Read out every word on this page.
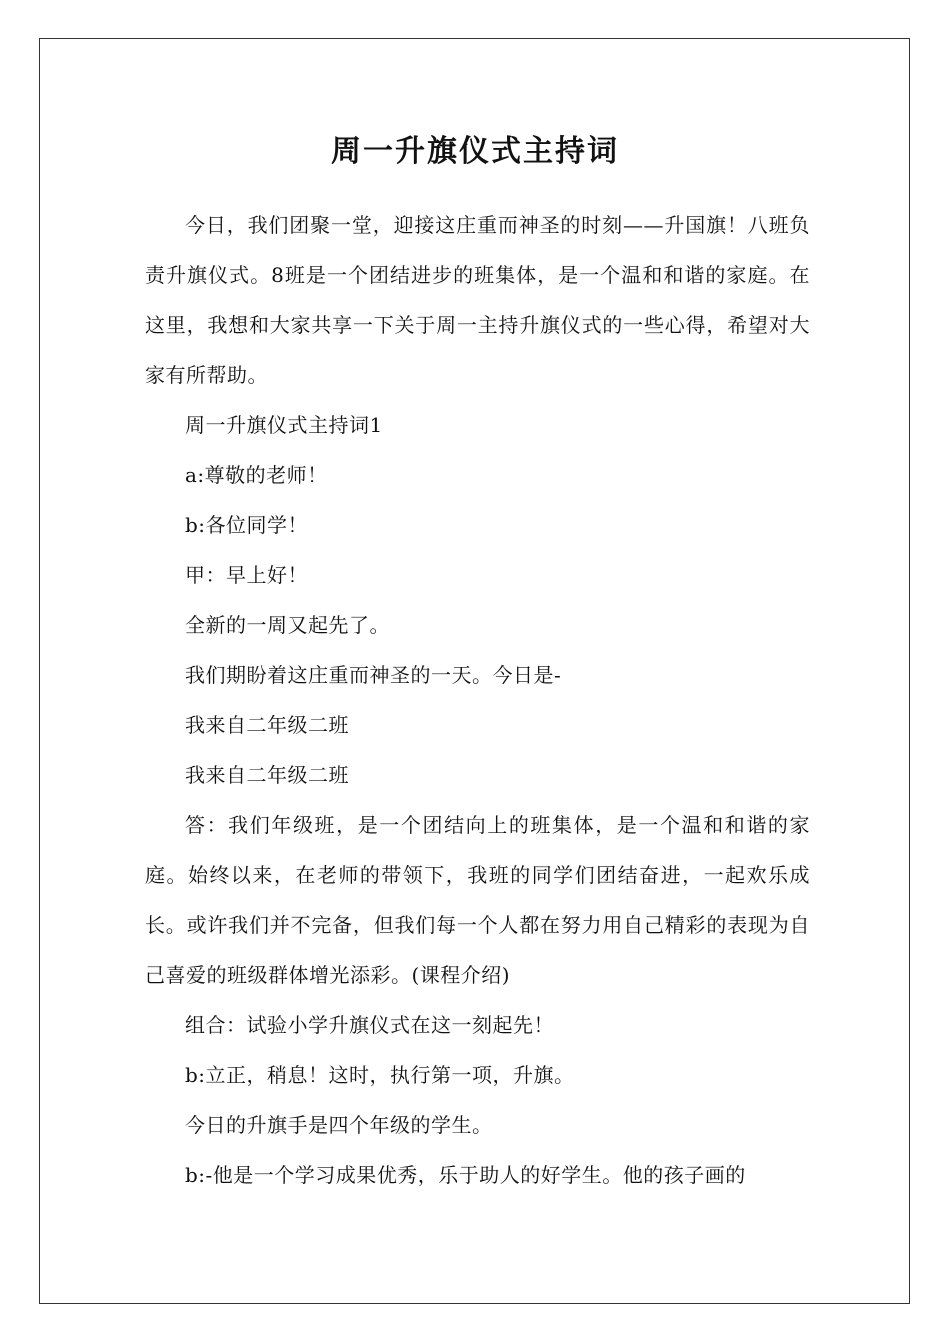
周一升旗仪式主持词

今日，我们团聚一堂，迎接这庄重而神圣的时刻——升国旗！八班负责升旗仪式。8班是一个团结进步的班集体，是一个温和和谐的家庭。在这里，我想和大家共享一下关于周一主持升旗仪式的一些心得，希望对大家有所帮助。

周一升旗仪式主持词1

a:尊敬的老师！

b:各位同学！

甲：早上好！

全新的一周又起先了。

我们期盼着这庄重而神圣的一天。今日是-

我来自二年级二班

我来自二年级二班

答：我们年级班，是一个团结向上的班集体，是一个温和和谐的家庭。始终以来，在老师的带领下，我班的同学们团结奋进，一起欢乐成长。或许我们并不完备，但我们每一个人都在努力用自己精彩的表现为自己喜爱的班级群体增光添彩。(课程介绍)

组合：试验小学升旗仪式在这一刻起先！

b:立正，稍息！这时，执行第一项，升旗。

今日的升旗手是四个年级的学生。

b:-他是一个学习成果优秀，乐于助人的好学生。他的孩子画的
